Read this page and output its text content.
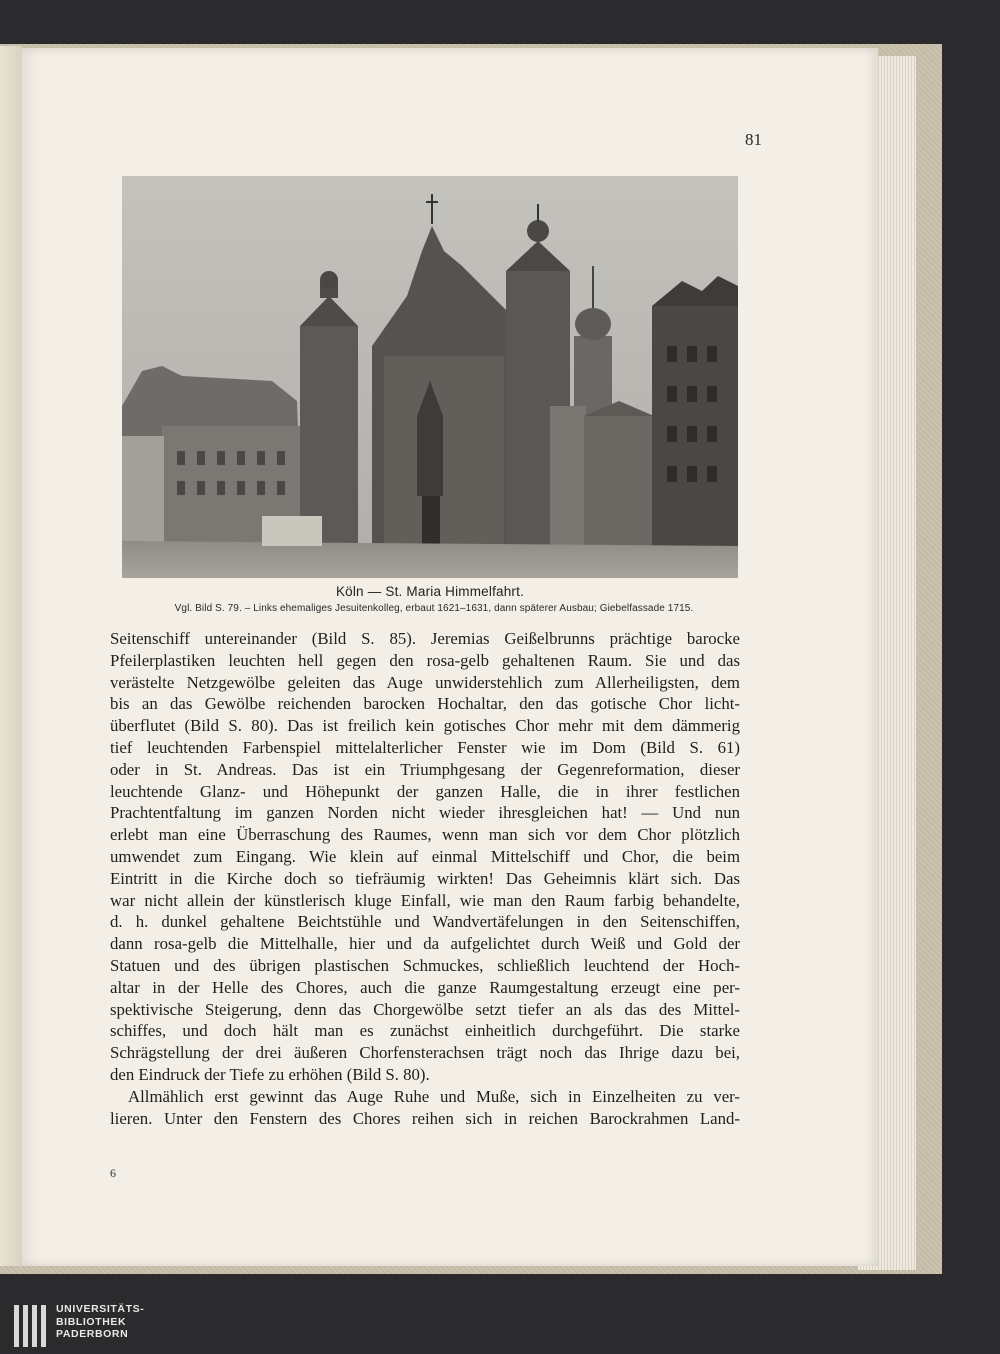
81
Köln — St. Maria Himmelfahrt.
Vgl. Bild S. 79. – Links ehemaliges Jesuitenkolleg, erbaut 1621–1631, dann späterer Ausbau; Giebelfassade 1715.
Seitenschiff untereinander (Bild S. 85). Jeremias Geißelbrunns prächtige barocke
Pfeilerplastiken leuchten hell gegen den rosa-gelb gehaltenen Raum. Sie und das
verästelte Netzgewölbe geleiten das Auge unwiderstehlich zum Allerheiligsten, dem
bis an das Gewölbe reichenden barocken Hochaltar, den das gotische Chor licht-
überflutet (Bild S. 80). Das ist freilich kein gotisches Chor mehr mit dem dämmerig
tief leuchtenden Farbenspiel mittelalterlicher Fenster wie im Dom (Bild S. 61)
oder in St. Andreas. Das ist ein Triumphgesang der Gegenreformation, dieser
leuchtende Glanz- und Höhepunkt der ganzen Halle, die in ihrer festlichen
Prachtentfaltung im ganzen Norden nicht wieder ihresgleichen hat! — Und nun
erlebt man eine Überraschung des Raumes, wenn man sich vor dem Chor plötzlich
umwendet zum Eingang. Wie klein auf einmal Mittelschiff und Chor, die beim
Eintritt in die Kirche doch so tiefräumig wirkten! Das Geheimnis klärt sich. Das
war nicht allein der künstlerisch kluge Einfall, wie man den Raum farbig behandelte,
d. h. dunkel gehaltene Beichtstühle und Wandvertäfelungen in den Seitenschiffen,
dann rosa-gelb die Mittelhalle, hier und da aufgelichtet durch Weiß und Gold der
Statuen und des übrigen plastischen Schmuckes, schließlich leuchtend der Hoch-
altar in der Helle des Chores, auch die ganze Raumgestaltung erzeugt eine per-
spektivische Steigerung, denn das Chorgewölbe setzt tiefer an als das des Mittel-
schiffes, und doch hält man es zunächst einheitlich durchgeführt. Die starke
Schrägstellung der drei äußeren Chorfensterachsen trägt noch das Ihrige dazu bei,
den Eindruck der Tiefe zu erhöhen (Bild S. 80).
Allmählich erst gewinnt das Auge Ruhe und Muße, sich in Einzelheiten zu ver-
lieren. Unter den Fenstern des Chores reihen sich in reichen Barockrahmen Land-
6
UNIVERSITÄTS-
BIBLIOTHEK
PADERBORN
